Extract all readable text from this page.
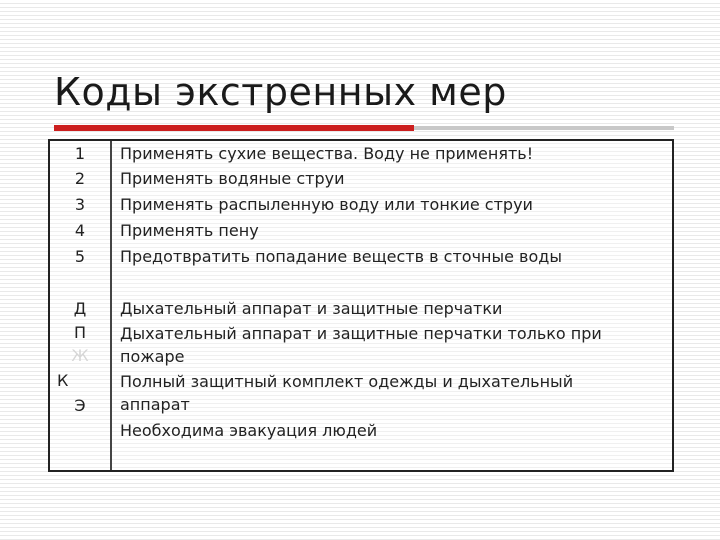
Коды экстренных мер
1
2
3
4
5
Применять сухие вещества. Воду не применять!
Применять водяные струи
Применять распыленную воду или тонкие струи
Применять пену
Предотвратить попадание веществ в сточные воды
Д
П
Ж
К
Э
Дыхательный аппарат и защитные перчатки
Дыхательный аппарат и защитные перчатки только при пожаре
Полный защитный комплект одежды и дыхательный аппарат
Необходима эвакуация людей
